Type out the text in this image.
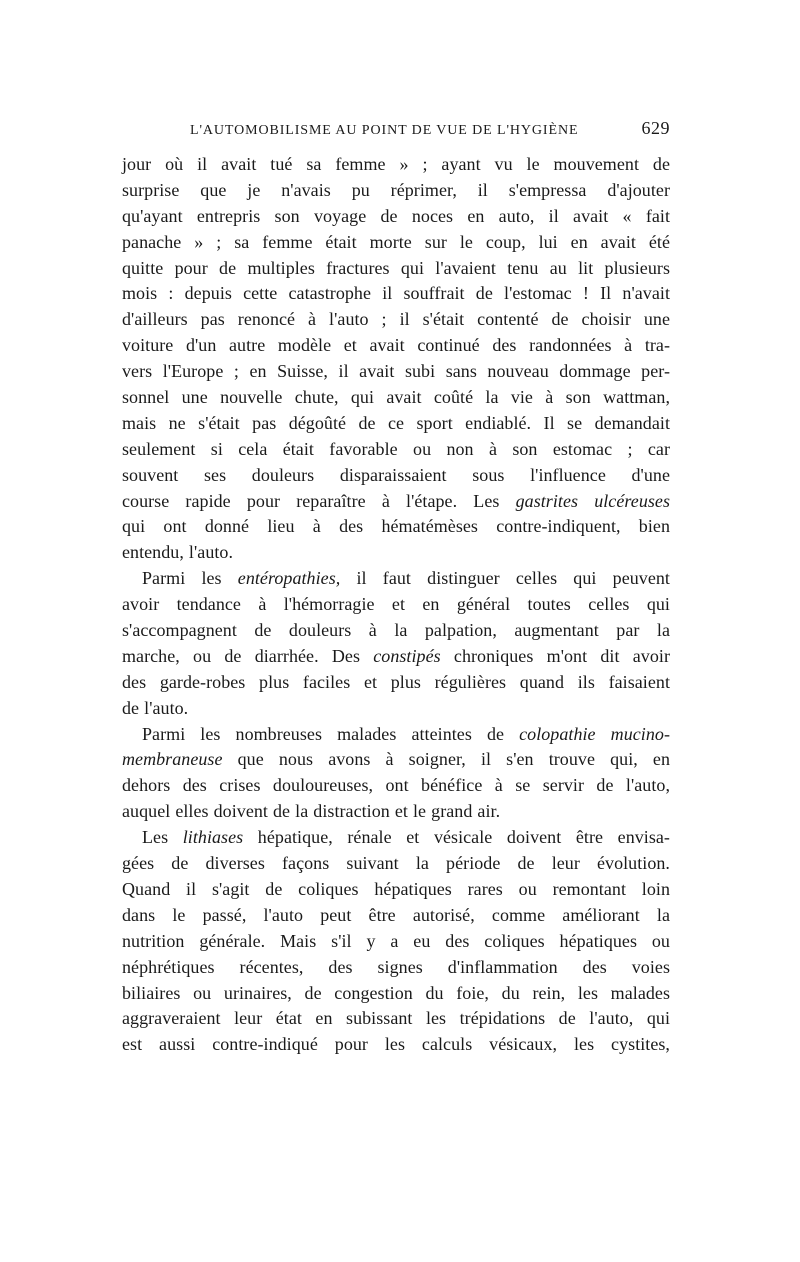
L'AUTOMOBILISME AU POINT DE VUE DE L'HYGIÈNE	629
jour où il avait tué sa femme » ; ayant vu le mouvement de
surprise que je n'avais pu réprimer, il s'empressa d'ajouter
qu'ayant entrepris son voyage de noces en auto, il avait « fait
panache » ; sa femme était morte sur le coup, lui en avait été
quitte pour de multiples fractures qui l'avaient tenu au lit plusieurs
mois : depuis cette catastrophe il souffrait de l'estomac ! Il n'avait
d'ailleurs pas renoncé à l'auto ; il s'était contenté de choisir une
voiture d'un autre modèle et avait continué des randonnées à tra-
vers l'Europe ; en Suisse, il avait subi sans nouveau dommage per-
sonnel une nouvelle chute, qui avait coûté la vie à son wattman,
mais ne s'était pas dégoûté de ce sport endiablé. Il se demandait
seulement si cela était favorable ou non à son estomac ; car
souvent ses douleurs disparaissaient sous l'influence d'une
course rapide pour reparaître à l'étape. Les gastrites ulcéreuses
qui ont donné lieu à des hématémèses contre-indiquent, bien
entendu, l'auto.
Parmi les entéropathies, il faut distinguer celles qui peuvent
avoir tendance à l'hémorragie et en général toutes celles qui
s'accompagnent de douleurs à la palpation, augmentant par la
marche, ou de diarrhée. Des constipés chroniques m'ont dit avoir
des garde-robes plus faciles et plus régulières quand ils faisaient
de l'auto.
Parmi les nombreuses malades atteintes de colopathie mucino-
membraneuse que nous avons à soigner, il s'en trouve qui, en
dehors des crises douloureuses, ont bénéfice à se servir de l'auto,
auquel elles doivent de la distraction et le grand air.
Les lithiases hépatique, rénale et vésicale doivent être envisa-
gées de diverses façons suivant la période de leur évolution.
Quand il s'agit de coliques hépatiques rares ou remontant loin
dans le passé, l'auto peut être autorisé, comme améliorant la
nutrition générale. Mais s'il y a eu des coliques hépatiques ou
néphrétiques récentes, des signes d'inflammation des voies
biliaires ou urinaires, de congestion du foie, du rein, les malades
aggraveraient leur état en subissant les trépidations de l'auto, qui
est aussi contre-indiqué pour les calculs vésicaux, les cystites,
